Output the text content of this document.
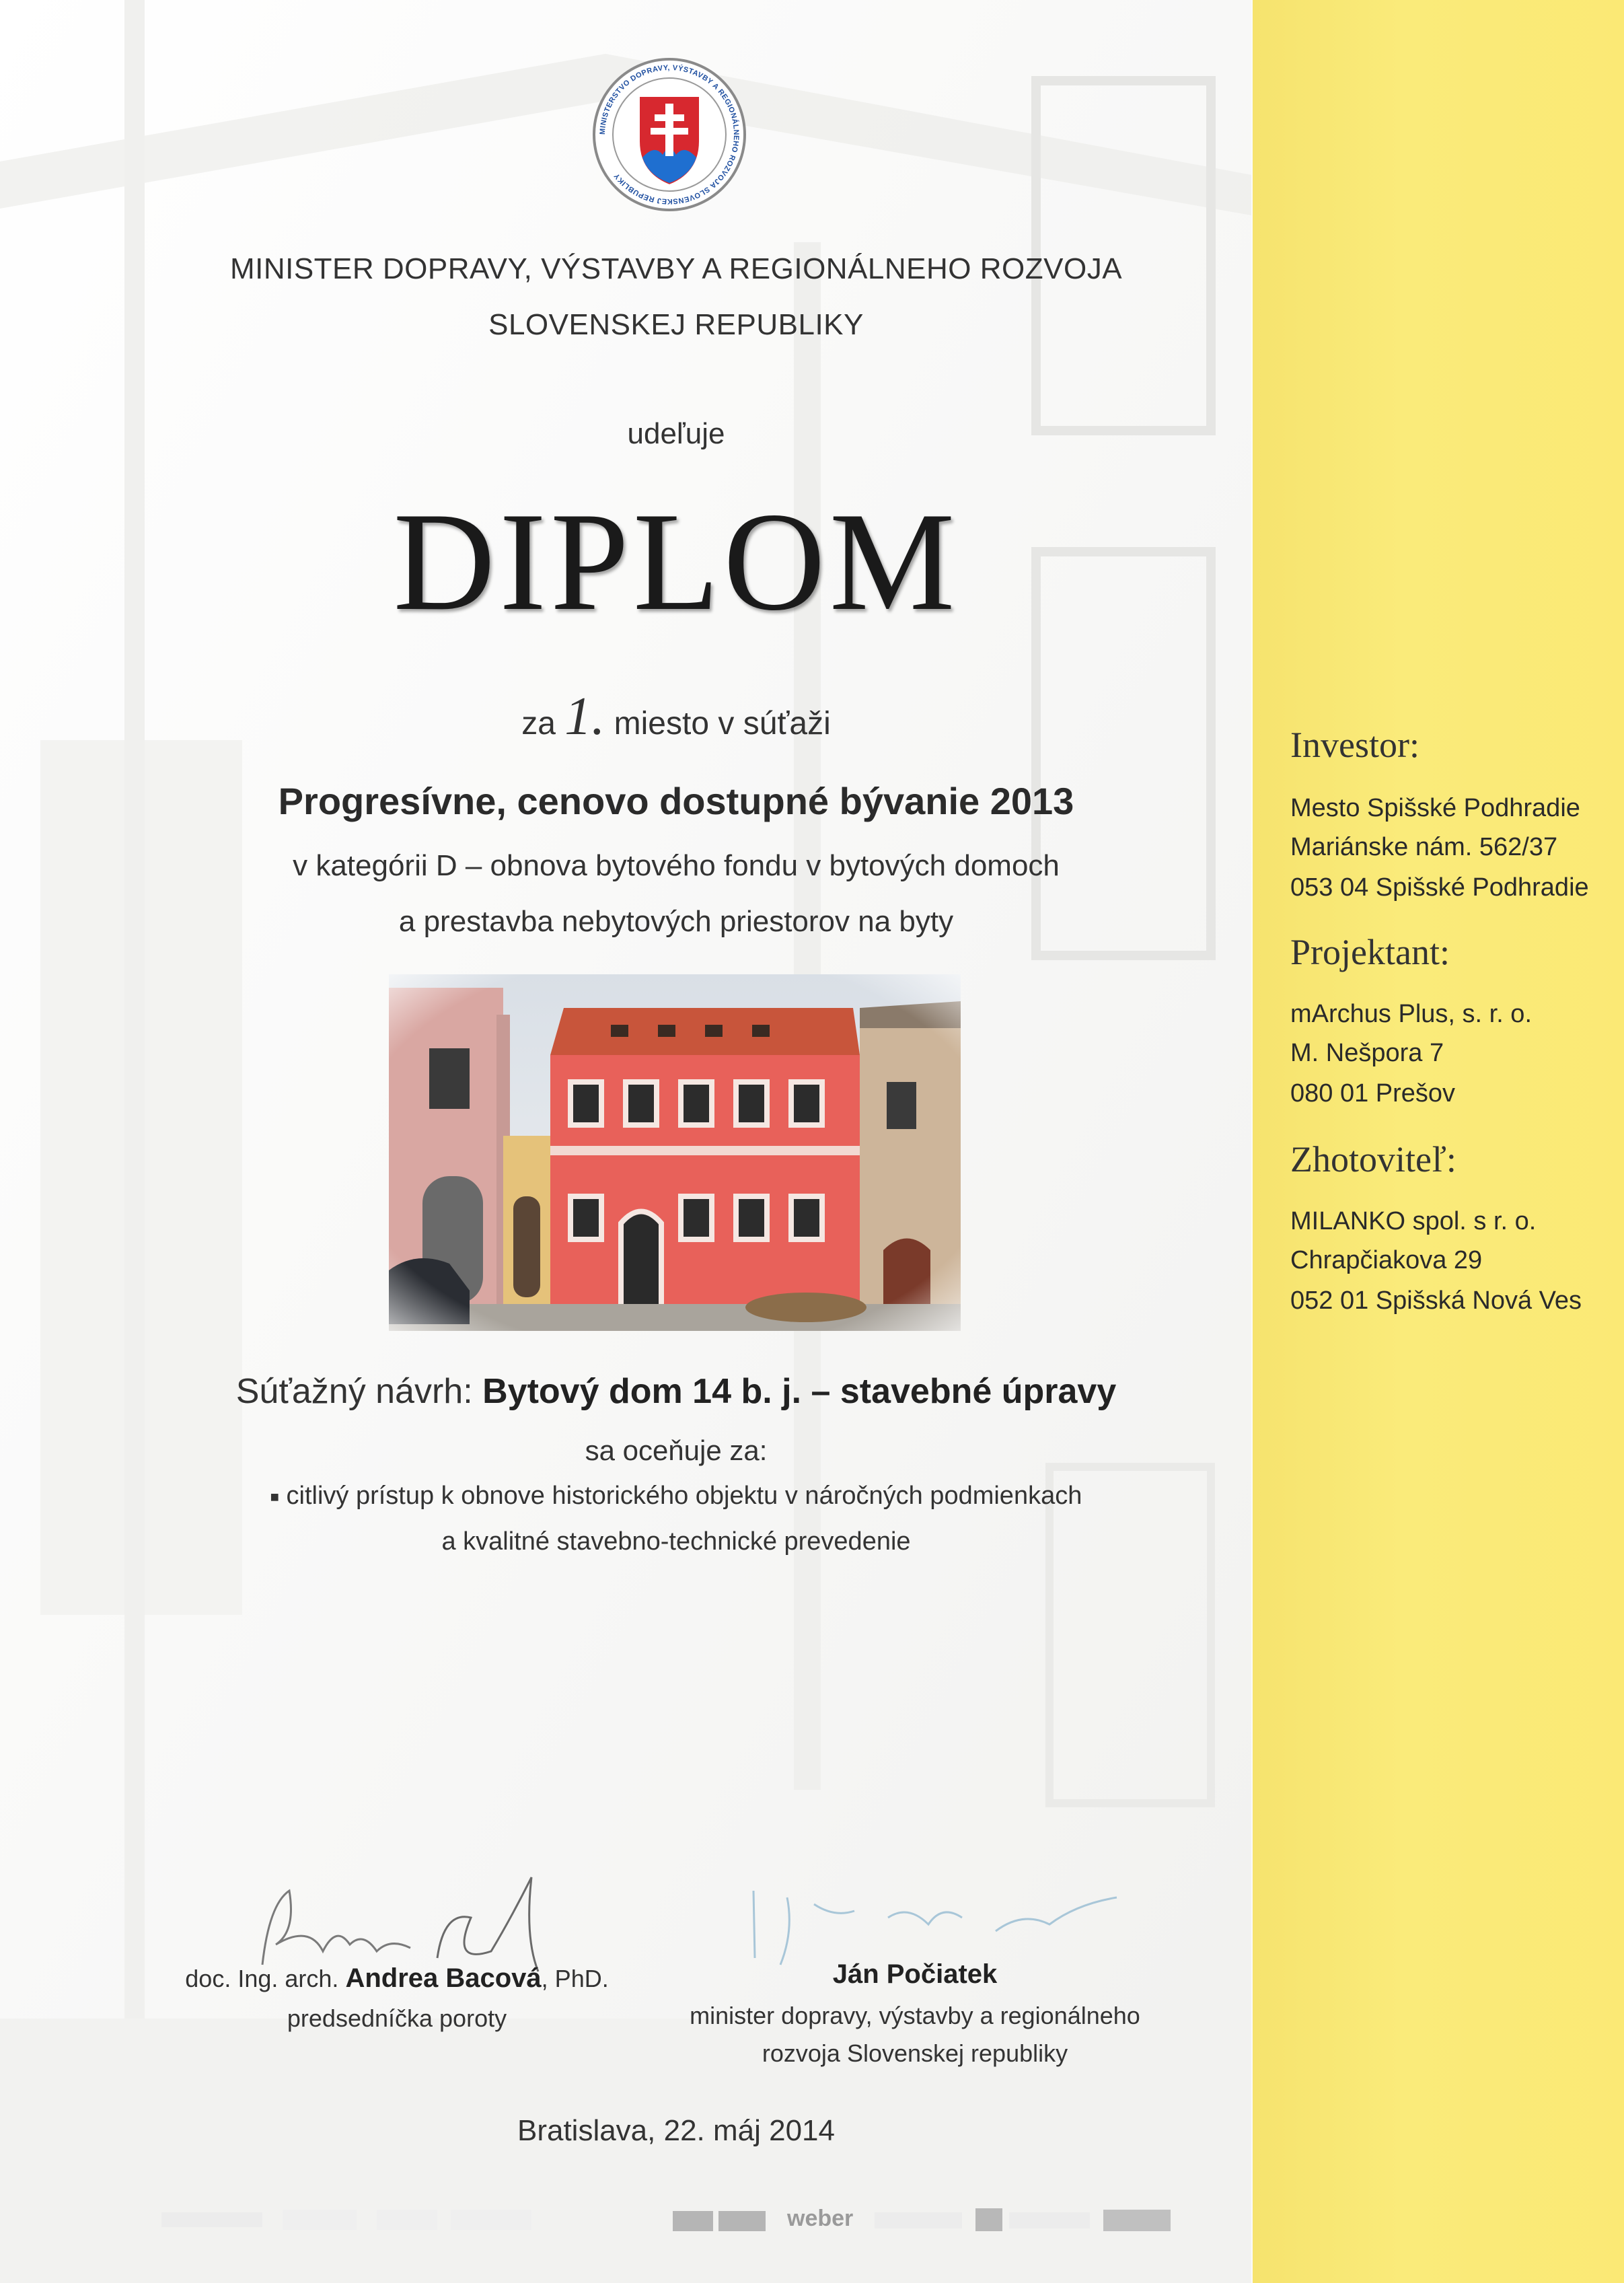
MINISTERSTVO DOPRAVY, VÝSTAVBY A REGIONÁLNEHO ROZVOJA SLOVENSKEJ REPUBLIKY
MINISTER DOPRAVY, VÝSTAVBY A REGIONÁLNEHO ROZVOJA
SLOVENSKEJ REPUBLIKY
udeľuje
DIPLOM
za 1. miesto v súťaži
Progresívne, cenovo dostupné bývanie 2013
v kategórii D – obnova bytového fondu v bytových domoch
a prestavba nebytových priestorov na byty
Súťažný návrh: Bytový dom 14 b. j. – stavebné úpravy
sa oceňuje za:
■ citlivý prístup k obnove historického objektu v náročných podmienkach
a kvalitné stavebno-technické prevedenie
doc. Ing. arch. Andrea Bacová, PhD.
predsedníčka poroty
Ján Počiatek
minister dopravy, výstavby a regionálneho
rozvoja Slovenskej republiky
Bratislava, 22. máj 2014
weber
Investor:
Mesto Spišské Podhradie
Mariánske nám. 562/37
053 04 Spišské Podhradie
Projektant:
mArchus Plus, s. r. o.
M. Nešpora 7
080 01 Prešov
Zhotoviteľ:
MILANKO spol. s r. o.
Chrapčiakova 29
052 01 Spišská Nová Ves
